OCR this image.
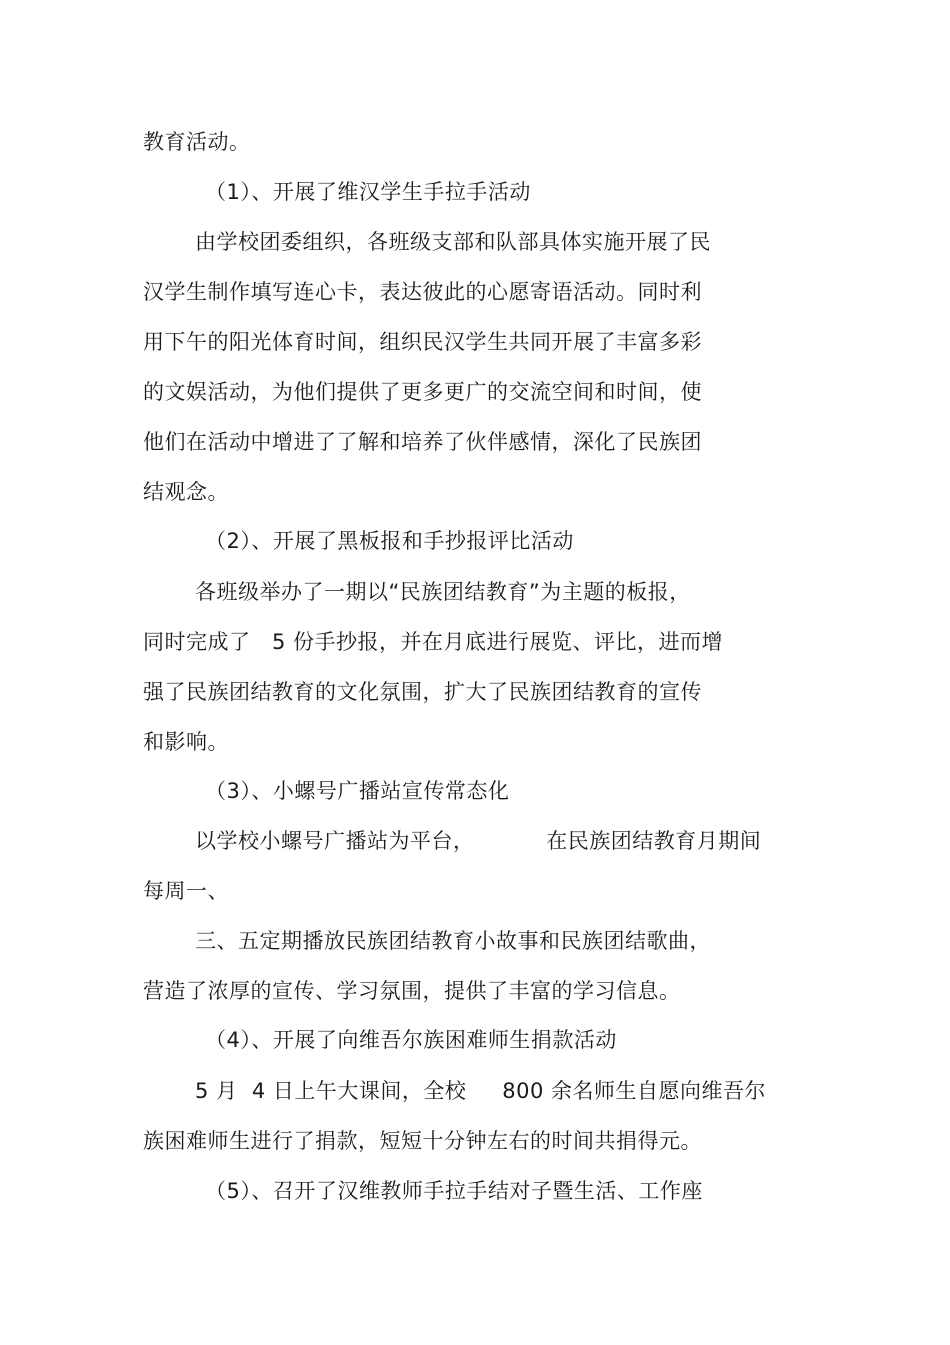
教育活动。
（1）、开展了维汉学生手拉手活动
由学校团委组织，各班级支部和队部具体实施开展了民
汉学生制作填写连心卡，表达彼此的心愿寄语活动。同时利
用下午的阳光体育时间，组织民汉学生共同开展了丰富多彩
的文娱活动，为他们提供了更多更广的交流空间和时间，使
他们在活动中增进了了解和培养了伙伴感情，深化了民族团
结观念。
（2）、开展了黑板报和手抄报评比活动
各班级举办了一期以“民族团结教育”为主题的板报，
同时完成了   5 份手抄报，并在月底进行展览、评比，进而增
强了民族团结教育的文化氛围，扩大了民族团结教育的宣传
和影响。
（3）、小螺号广播站宣传常态化
以学校小螺号广播站为平台，          在民族团结教育月期间
每周一、
三、五定期播放民族团结教育小故事和民族团结歌曲，
营造了浓厚的宣传、学习氛围，提供了丰富的学习信息。
（4）、开展了向维吾尔族困难师生捐款活动
5 月  4 日上午大课间，全校     800 余名师生自愿向维吾尔
族困难师生进行了捐款，短短十分钟左右的时间共捐得元。
（5）、召开了汉维教师手拉手结对子暨生活、工作座
